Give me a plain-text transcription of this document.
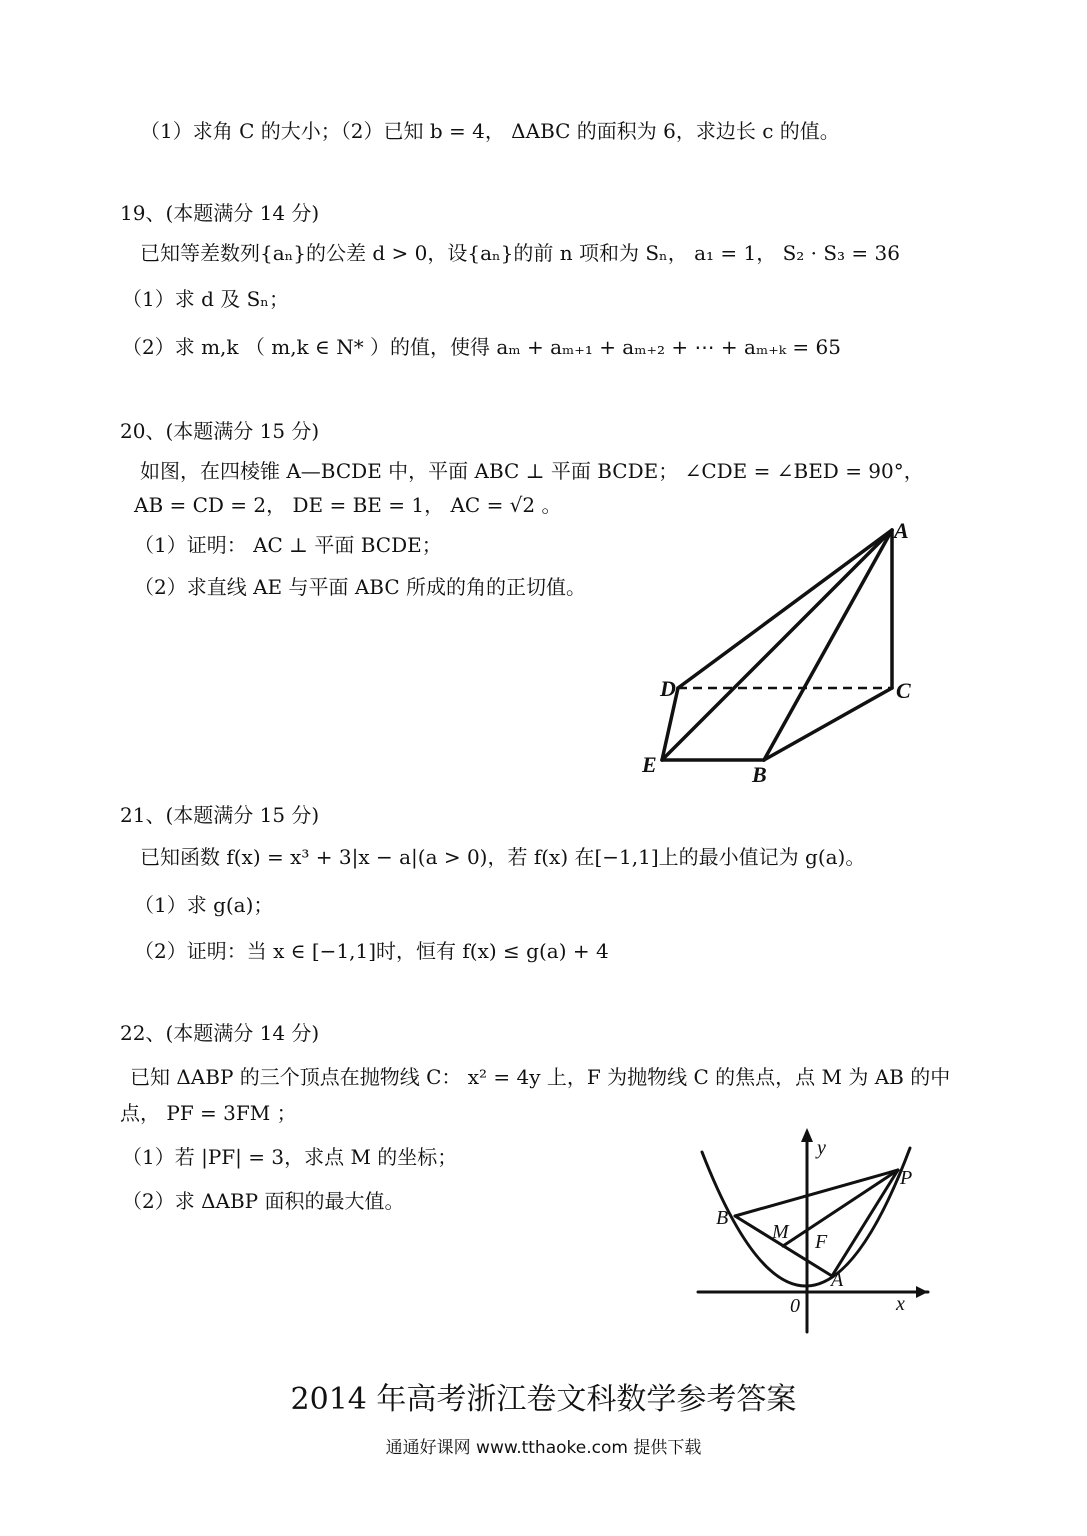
（1）求角 C 的大小；（2）已知 b = 4， ΔABC 的面积为 6，求边长 c 的值。
19、(本题满分 14 分)
已知等差数列{aₙ}的公差 d > 0，设{aₙ}的前 n 项和为 Sₙ， a₁ = 1， S₂ · S₃ = 36
（1）求 d 及 Sₙ；
（2）求 m,k （ m,k ∈ N* ）的值，使得 aₘ + aₘ₊₁ + aₘ₊₂ + ⋯ + aₘ₊ₖ = 65
20、(本题满分 15 分)
如图，在四棱锥 A—BCDE 中，平面 ABC ⊥ 平面 BCDE； ∠CDE = ∠BED = 90°，
AB = CD = 2， DE = BE = 1， AC = √2 。
（1）证明： AC ⊥ 平面 BCDE；
（2）求直线 AE 与平面 ABC 所成的角的正切值。
A
D	C
E	B
21、(本题满分 15 分)
已知函数 f(x) = x³ + 3|x − a|(a > 0)，若 f(x) 在[−1,1]上的最小值记为 g(a)。
（1）求 g(a)；
（2）证明：当 x ∈ [−1,1]时，恒有 f(x) ≤ g(a) + 4
22、(本题满分 14 分)
已知 ΔABP 的三个顶点在抛物线 C： x² = 4y 上，F 为抛物线 C 的焦点，点 M 为 AB 的中
点， PF = 3FM ；
（1）若 |PF| = 3，求点 M 的坐标；
（2）求 ΔABP 面积的最大值。
y
x
P
B
M F
A
0
2014 年高考浙江卷文科数学参考答案
通通好课网 www.tthaoke.com 提供下载
